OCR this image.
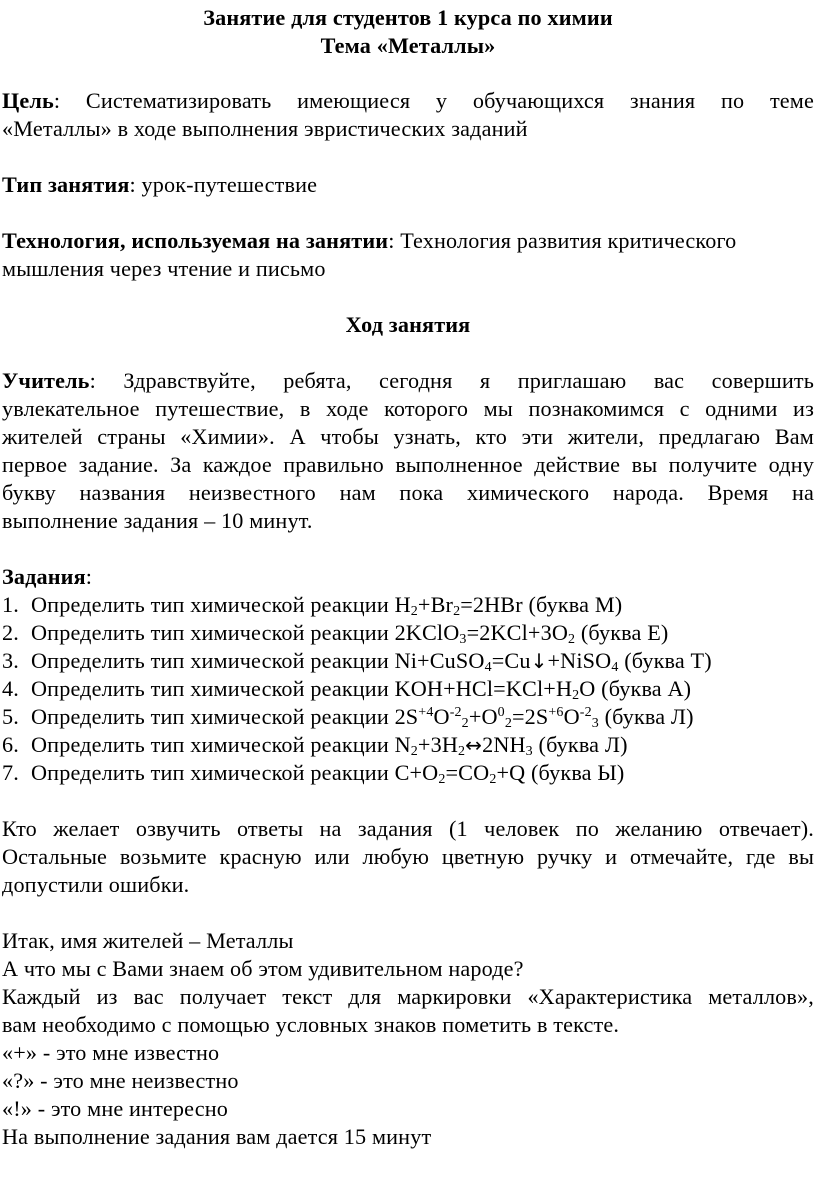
Занятие для студентов 1 курса по химии
Тема «Металлы»
Цель: Систематизировать имеющиеся у обучающихся знания по теме
«Металлы» в ходе выполнения эвристических заданий
Тип занятия: урок-путешествие
Технология, используемая на занятии: Технология развития критического
мышления через чтение и письмо
Ход занятия
Учитель: Здравствуйте, ребята, сегодня я приглашаю вас совершить
увлекательное путешествие, в ходе которого мы познакомимся с одними из
жителей страны «Химии». А чтобы узнать, кто эти жители, предлагаю Вам
первое задание. За каждое правильно выполненное действие вы получите одну
букву названия неизвестного нам пока химического народа. Время на
выполнение задания – 10 минут.
Задания:
1. Определить тип химической реакции $H_2+Br_2=2HBr$ (буква М)
2. Определить тип химической реакции $2KClO_3=2KCl+3O_2$ (буква Е)
3. Определить тип химической реакции Ni+CuSO$_4$=Cu↓+NiSO$_4$ (буква Т)
4. Определить тип химической реакции $KOH+HCl=KCl+H_2O$ (буква А)
5. Определить тип химической реакции $2S^{+4}O^{-2}_2+O^0_2=2S^{+6}O^{-2}_3$ (буква Л)
6. Определить тип химической реакции $N_2+3H_2\leftrightarrow 2NH_3$ (буква Л)
7. Определить тип химической реакции $C+O_2=CO_2+Q$ (буква Ы)
Кто желает озвучить ответы на задания (1 человек по желанию отвечает).
Остальные возьмите красную или любую цветную ручку и отмечайте, где вы
допустили ошибки.
Итак, имя жителей – Металлы
А что мы с Вами знаем об этом удивительном народе?
Каждый из вас получает текст для маркировки «Характеристика металлов»,
вам необходимо с помощью условных знаков пометить в тексте.
«+» - это мне известно
«?» - это мне неизвестно
«!» - это мне интересно
На выполнение задания вам дается 15 минут
